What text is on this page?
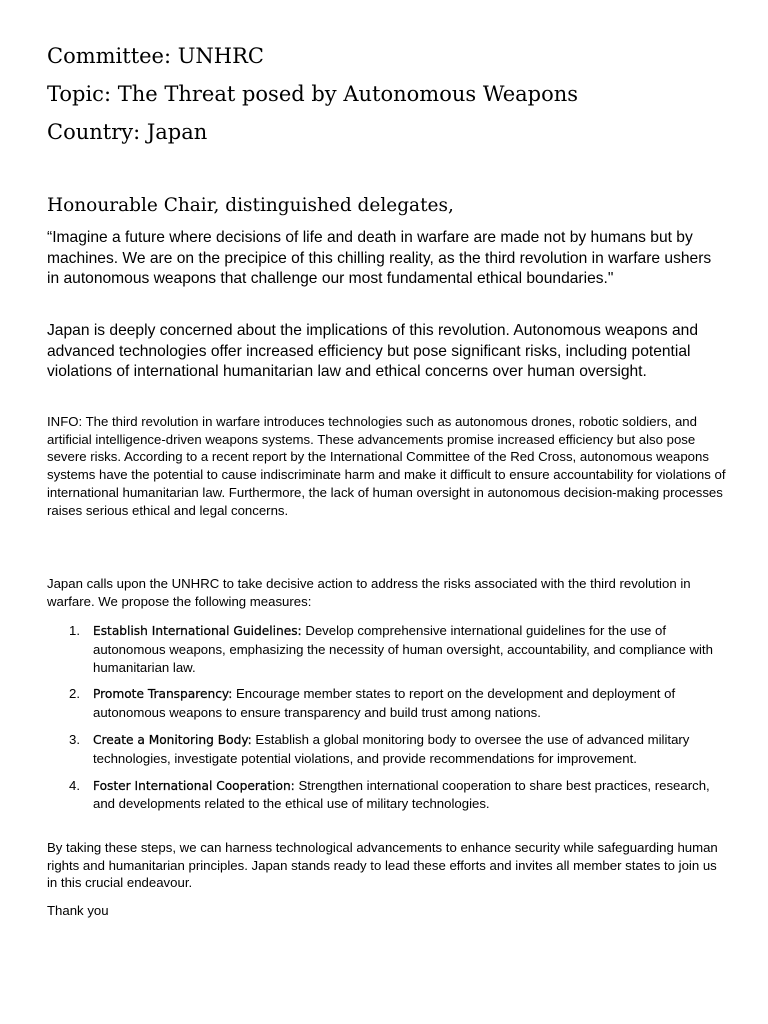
Committee: UNHRC
Topic: The Threat posed by Autonomous Weapons
Country: Japan

Honourable Chair, distinguished delegates,

“Imagine a future where decisions of life and death in warfare are made not by humans but by machines. We are on the precipice of this chilling reality, as the third revolution in warfare ushers in autonomous weapons that challenge our most fundamental ethical boundaries."

Japan is deeply concerned about the implications of this revolution. Autonomous weapons and advanced technologies offer increased efficiency but pose significant risks, including potential violations of international humanitarian law and ethical concerns over human oversight.

INFO: The third revolution in warfare introduces technologies such as autonomous drones, robotic soldiers, and artificial intelligence-driven weapons systems. These advancements promise increased efficiency but also pose severe risks. According to a recent report by the International Committee of the Red Cross, autonomous weapons systems have the potential to cause indiscriminate harm and make it difficult to ensure accountability for violations of international humanitarian law. Furthermore, the lack of human oversight in autonomous decision-making processes raises serious ethical and legal concerns.

Japan calls upon the UNHRC to take decisive action to address the risks associated with the third revolution in warfare. We propose the following measures:

1. Establish International Guidelines: Develop comprehensive international guidelines for the use of autonomous weapons, emphasizing the necessity of human oversight, accountability, and compliance with humanitarian law.
2. Promote Transparency: Encourage member states to report on the development and deployment of autonomous weapons to ensure transparency and build trust among nations.
3. Create a Monitoring Body: Establish a global monitoring body to oversee the use of advanced military technologies, investigate potential violations, and provide recommendations for improvement.
4. Foster International Cooperation: Strengthen international cooperation to share best practices, research, and developments related to the ethical use of military technologies.

By taking these steps, we can harness technological advancements to enhance security while safeguarding human rights and humanitarian principles. Japan stands ready to lead these efforts and invites all member states to join us in this crucial endeavour.

Thank you
